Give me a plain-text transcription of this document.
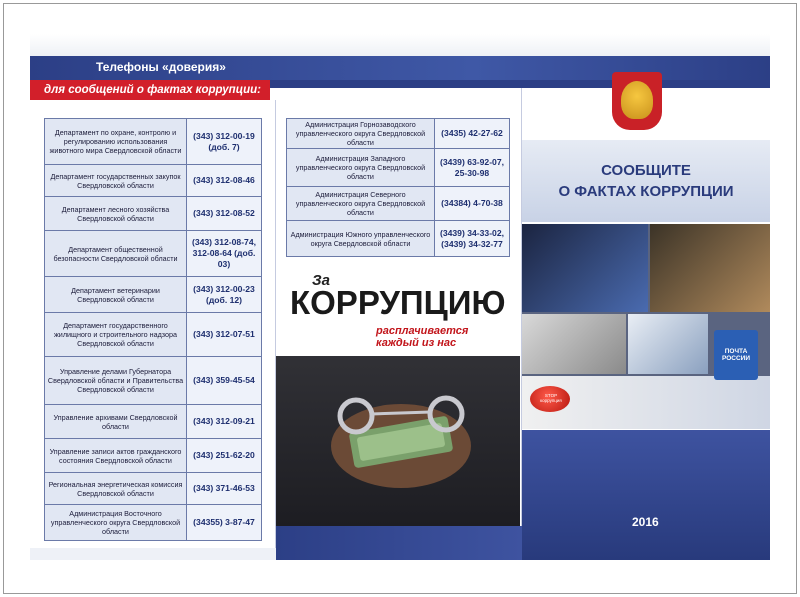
Телефоны «доверия»
для сообщений о фактах коррупции:
Департамент по охране, контролю и регулированию использования животного мира Свердловской области	(343) 312-00-19 (доб. 7)
Департамент государственных закупок Свердловской области	(343) 312-08-46
Департамент лесного хозяйства Свердловской области	(343) 312-08-52
Департамент общественной безопасности Свердловской области	(343) 312-08-74, 312-08-64 (доб. 03)
Департамент ветеринарии Свердловской области	(343) 312-00-23 (доб. 12)
Департамент государственного жилищного и строительного надзора Свердловской области	(343) 312-07-51
Управление делами Губернатора Свердловской области и Правительства Свердловской области	(343) 359-45-54
Управление архивами Свердловской области	(343) 312-09-21
Управление записи актов гражданского состояния Свердловской области	(343) 251-62-20
Региональная энергетическая комиссия Свердловской области	(343) 371-46-53
Администрация Восточного управленческого округа Свердловской области	(34355) 3-87-47
Администрация Горнозаводского управленческого округа Свердловской области	(3435) 42-27-62
Администрация Западного управленческого округа Свердловской области	(3439) 63-92-07, 25-30-98
Администрация Северного управленческого округа Свердловской области	(34384) 4-70-38
Администрация Южного управленческого округа Свердловской области	(3439) 34-33-02, (3439) 34-32-77
За
КОРРУПЦИЮ
расплачивается
каждый из нас
СООБЩИТЕ
О ФАКТАХ КОРРУПЦИИ
STOP
коррупция
ПОЧТА
РОССИИ
2016
